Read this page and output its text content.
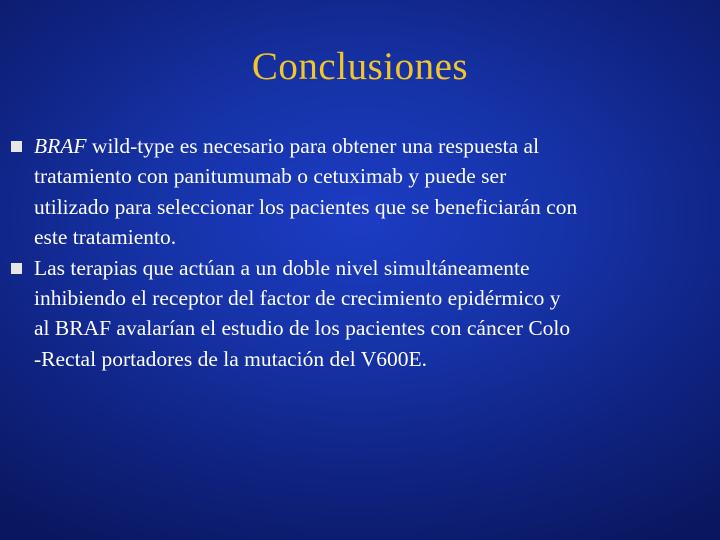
Conclusiones
BRAF wild-type es necesario para obtener una respuesta al
tratamiento con panitumumab o cetuximab y puede ser
utilizado para seleccionar los pacientes que se beneficiarán con
este tratamiento.
Las terapias que actúan a un doble nivel simultáneamente
inhibiendo el receptor del factor de crecimiento epidérmico y
al BRAF avalarían el estudio de los pacientes con cáncer Colo
-Rectal portadores de la mutación del V600E.
